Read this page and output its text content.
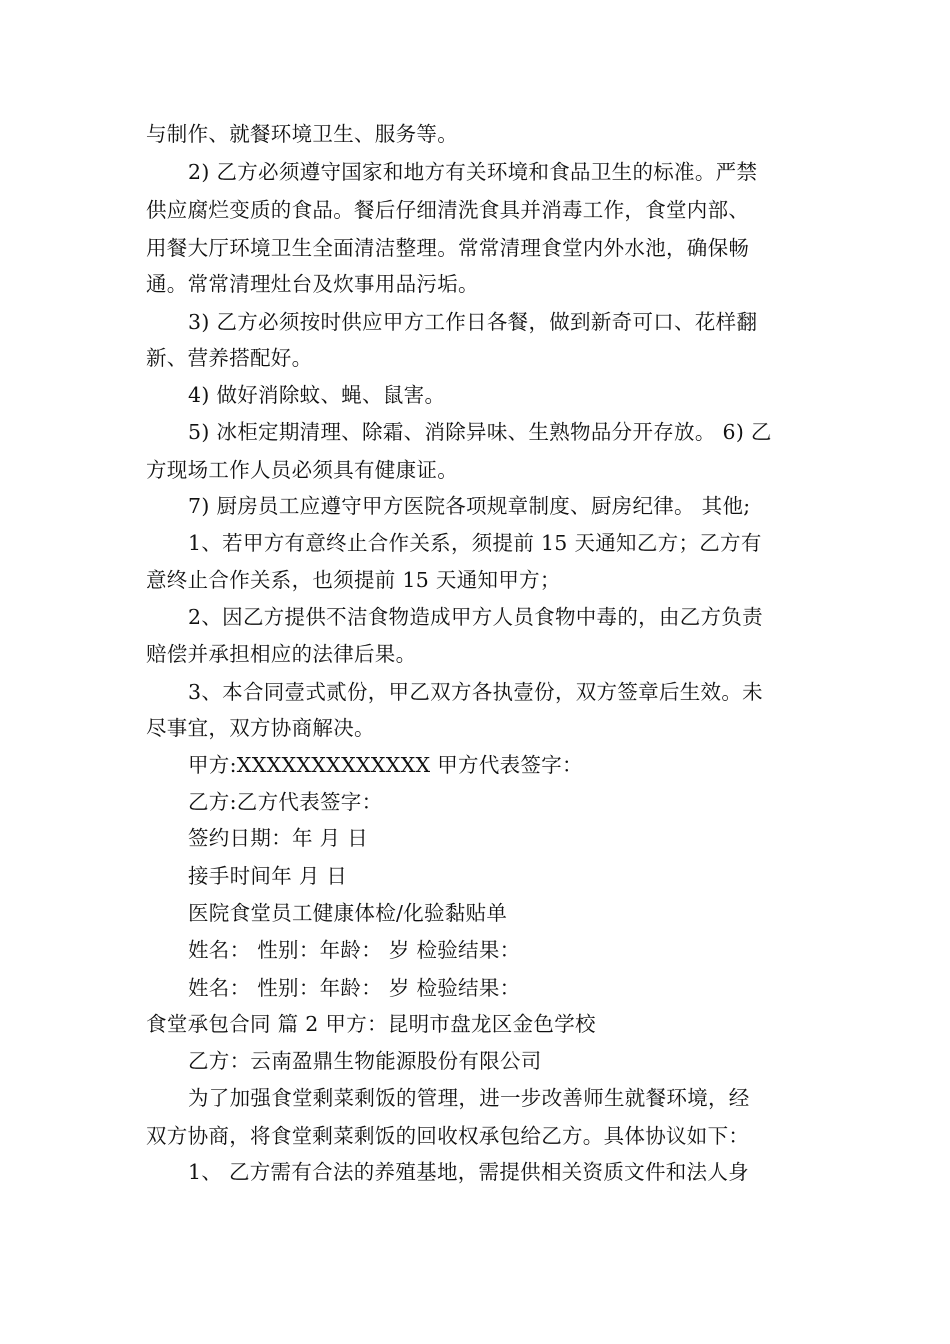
与制作、就餐环境卫生、服务等。
2) 乙方必须遵守国家和地方有关环境和食品卫生的标准。严禁
供应腐烂变质的食品。餐后仔细清洗食具并消毒工作，食堂内部、
用餐大厅环境卫生全面清洁整理。常常清理食堂内外水池，确保畅
通。常常清理灶台及炊事用品污垢。
3) 乙方必须按时供应甲方工作日各餐，做到新奇可口、花样翻
新、营养搭配好。
4) 做好消除蚊、蝇、鼠害。
5) 冰柜定期清理、除霜、消除异味、生熟物品分开存放。 6) 乙
方现场工作人员必须具有健康证。
7) 厨房员工应遵守甲方医院各项规章制度、厨房纪律。 其他;
1、若甲方有意终止合作关系，须提前 15 天通知乙方；乙方有
意终止合作关系，也须提前 15 天通知甲方；
2、因乙方提供不洁食物造成甲方人员食物中毒的，由乙方负责
赔偿并承担相应的法律后果。
3、本合同壹式贰份，甲乙双方各执壹份，双方签章后生效。未
尽事宜，双方协商解决。
甲方:XXXXXXXXXXXXX 甲方代表签字：
乙方:乙方代表签字：
签约日期：年 月 日
接手时间年 月 日
医院食堂员工健康体检/化验黏贴单
姓名： 性别：年龄： 岁 检验结果：
姓名： 性别：年龄： 岁 检验结果：
食堂承包合同 篇 2 甲方：昆明市盘龙区金色学校
乙方：云南盈鼎生物能源股份有限公司
为了加强食堂剩菜剩饭的管理，进一步改善师生就餐环境，经
双方协商，将食堂剩菜剩饭的回收权承包给乙方。具体协议如下：
1、 乙方需有合法的养殖基地，需提供相关资质文件和法人身
